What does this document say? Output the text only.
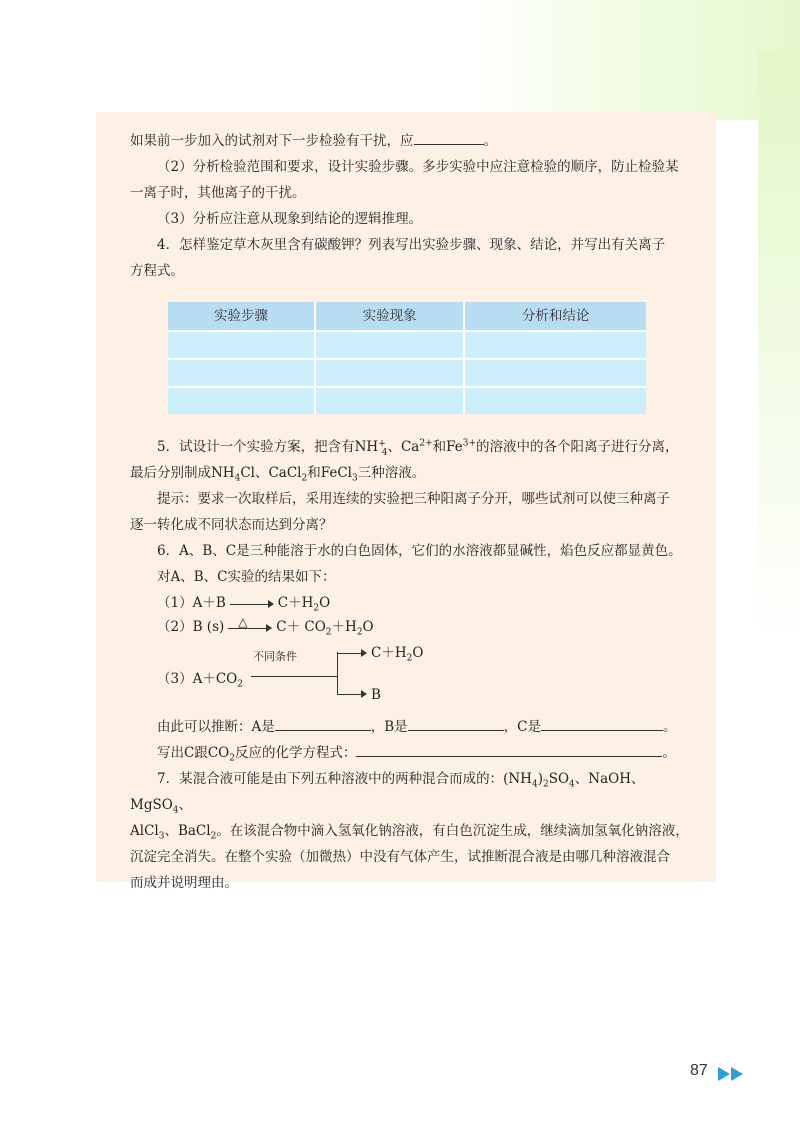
如果前一步加入的试剂对下一步检验有干扰，应	。

（2）分析检验范围和要求，设计实验步骤。多步实验中应注意检验的顺序，防止检验某

一离子时，其他离子的干扰。

（3）分析应注意从现象到结论的逻辑推理。

4．怎样鉴定草木灰里含有碳酸钾？列表写出实验步骤、现象、结论，并写出有关离子

方程式。

实验步骤	实验现象	分析和结论

5．试设计一个实验方案，把含有$NH^+_4$、$Ca^{2+}$和$Fe^{3+}$的溶液中的各个阳离子进行分离，

最后分别制成$NH_4Cl$、CaCl$_2$和FeCl$_3$三种溶液。

提示：要求一次取样后，采用连续的实验把三种阳离子分开，哪些试剂可以使三种离子

逐一转化成不同状态而达到分离？

6．A、B、C是三种能溶于水的白色固体，它们的水溶液都显碱性，焰色反应都显黄色。

对A、B、C实验的结果如下：

（1）A＋B	$C+H_2O$
（2）B (s) △ $C+ CO_2+H_2O$
$(3)A+CO_2$
不同条件	$C+H_2O$
B

由此可以推断：A是	，B是	，C是	。

写出C跟$CO_2$反应的化学方程式：	。

7．某混合液可能是由下列五种溶液中的两种混合而成的：$(NH_4)_2SO_4$、NaOH、MgSO$_4$、

AlCl$_3$、BaCl$_2$。在该混合物中滴入氢氧化钠溶液，有白色沉淀生成，继续滴加氢氧化钠溶液，

沉淀完全消失。在整个实验（加微热）中没有气体产生，试推断混合液是由哪几种溶液混合

而成并说明理由。

87
